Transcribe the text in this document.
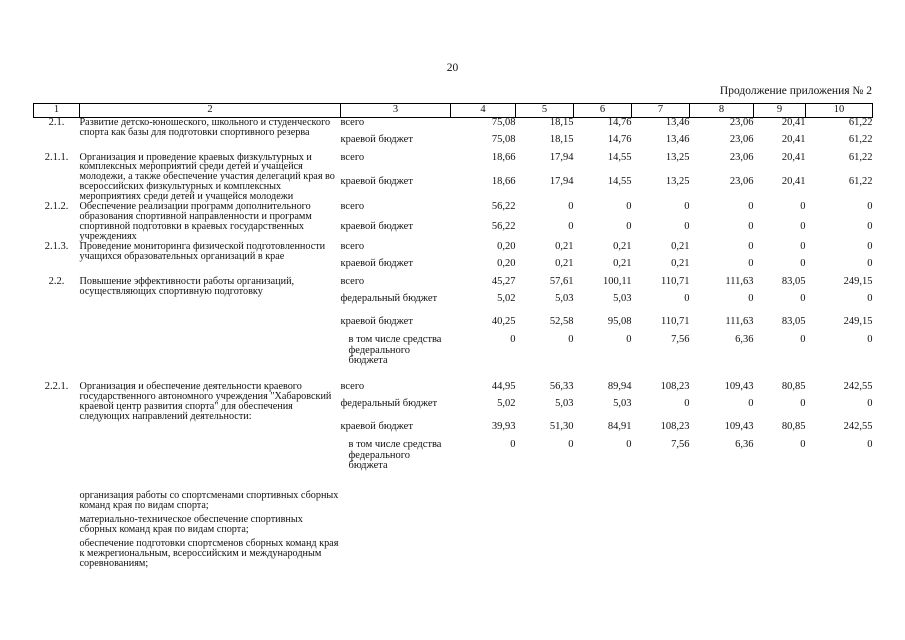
20
Продолжение приложения № 2
1	2	3	4	5	6	7	8	9	10
2.1.	Развитие детско-юношеского, школьного и студенческого спорта как базы для подготовки спортивного резерва	всего	75,08	18,15	14,76	13,46	23,06	20,41	61,22

		краевой бюджет	75,08	18,15	14,76	13,46	23,06	20,41	61,22
2.1.1.	Организация и проведение краевых физкультурных и комплексных мероприятий среди детей и учащейся молодежи, а также обеспечение участия делегаций края во всероссийских физкультурных и комплексных мероприятиях среди детей и учащейся молодежи	всего	18,66	17,94	14,55	13,25	23,06	20,41	61,22

		краевой бюджет	18,66	17,94	14,55	13,25	23,06	20,41	61,22
2.1.2.	Обеспечение реализации программ дополнительного образования спортивной направленности и программ спортивной подготовки в краевых государственных учреждениях	всего	56,22	0	0	0	0	0	0

		краевой бюджет	56,22	0	0	0	0	0	0
2.1.3.	Проведение мониторинга физической подготовленности учащихся образовательных организаций в крае	всего	0,20	0,21	0,21	0,21	0	0	0

		краевой бюджет	0,20	0,21	0,21	0,21	0	0	0
2.2.	Повышение эффективности работы организаций, осуществляющих спортивную подготовку	всего	45,27	57,61	100,11	110,71	111,63	83,05	249,15

		федеральный бюджет	5,02	5,03	5,03	0	0	0	0

		краевой бюджет	40,25	52,58	95,08	110,71	111,63	83,05	249,15

		в том числе средства федерального бюджета	0	0	0	7,56	6,36	0	0
2.2.1.	Организация и обеспечение деятельности краевого государственного автономного учреждения "Хабаровский краевой центр развития спорта" для обеспечения следующих направлений деятельности:	всего	44,95	56,33	89,94	108,23	109,43	80,85	242,55

		федеральный бюджет	5,02	5,03	5,03	0	0	0	0

		краевой бюджет	39,93	51,30	84,91	108,23	109,43	80,85	242,55

		в том числе средства федерального бюджета	0	0	0	7,56	6,36	0	0

	организация работы со спортсменами спортивных сборных команд края по видам спорта;								

	материально-техническое обеспечение спортивных сборных команд края по видам спорта;								

	обеспечение подготовки спортсменов сборных команд края к межрегиональным, всероссийским и международным соревнованиям;								
